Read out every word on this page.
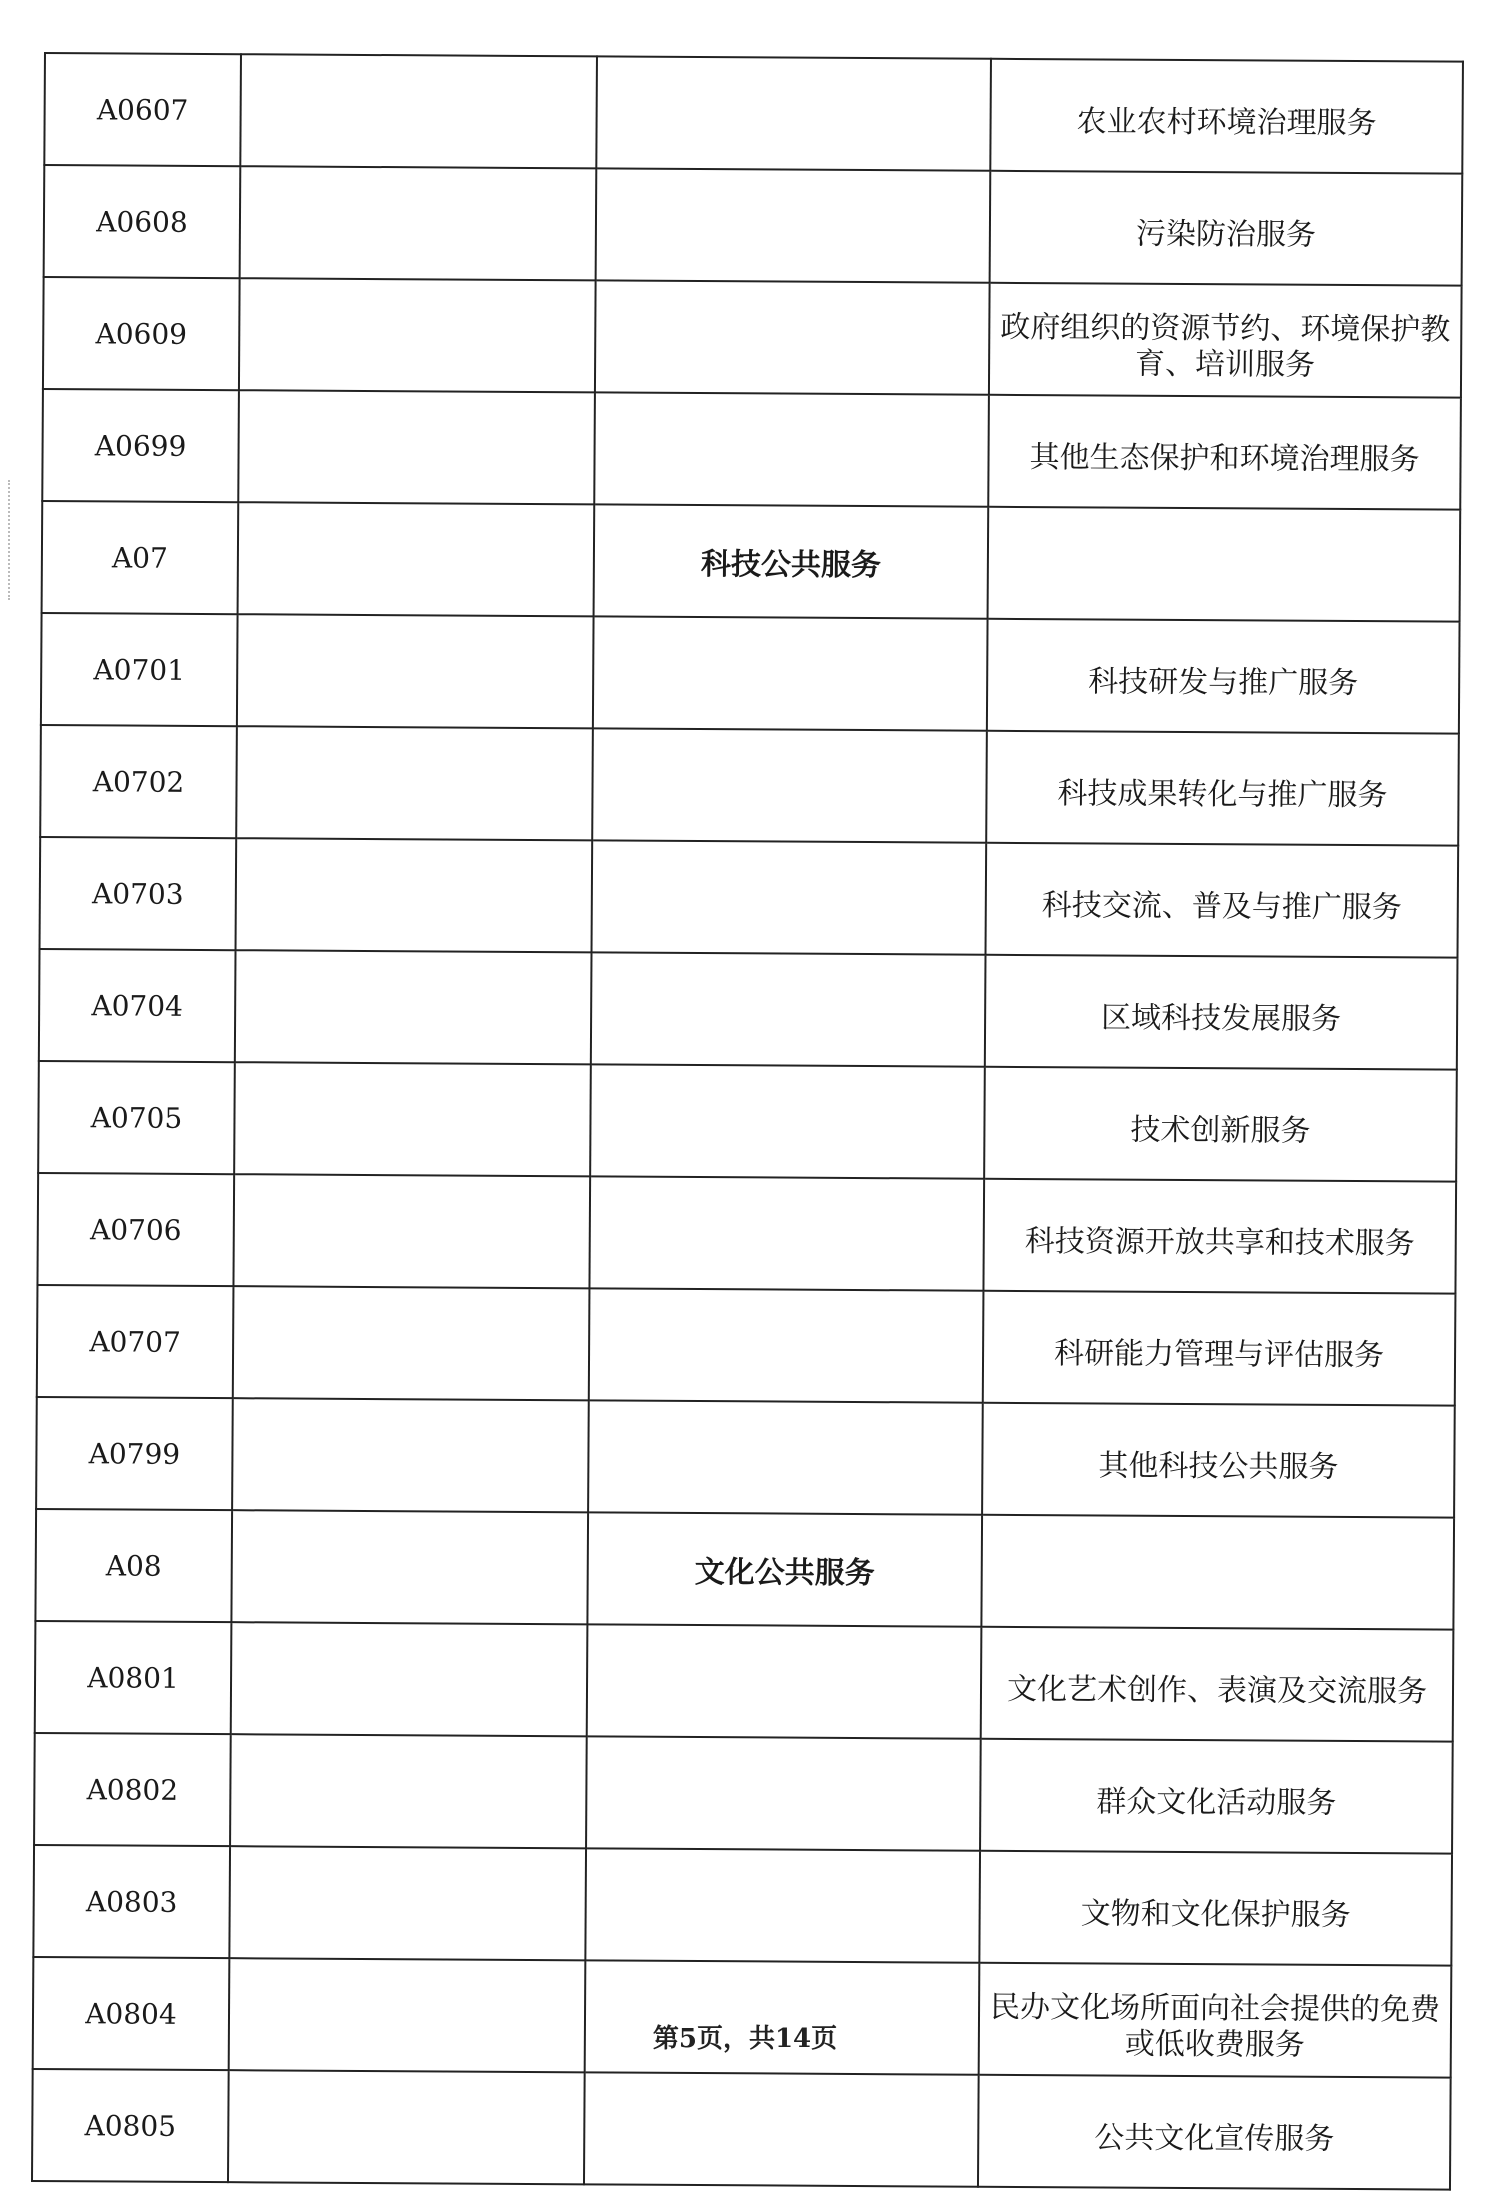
A0607			农业农村环境治理服务
A0608			污染防治服务
A0609			政府组织的资源节约、环境保护教育、培训服务
A0699			其他生态保护和环境治理服务
A07		科技公共服务	
A0701			科技研发与推广服务
A0702			科技成果转化与推广服务
A0703			科技交流、普及与推广服务
A0704			区域科技发展服务
A0705			技术创新服务
A0706			科技资源开放共享和技术服务
A0707			科研能力管理与评估服务
A0799			其他科技公共服务
A08		文化公共服务	
A0801			文化艺术创作、表演及交流服务
A0802			群众文化活动服务
A0803			文物和文化保护服务
A0804			民办文化场所面向社会提供的免费或低收费服务
A0805			公共文化宣传服务
第5页，共14页
